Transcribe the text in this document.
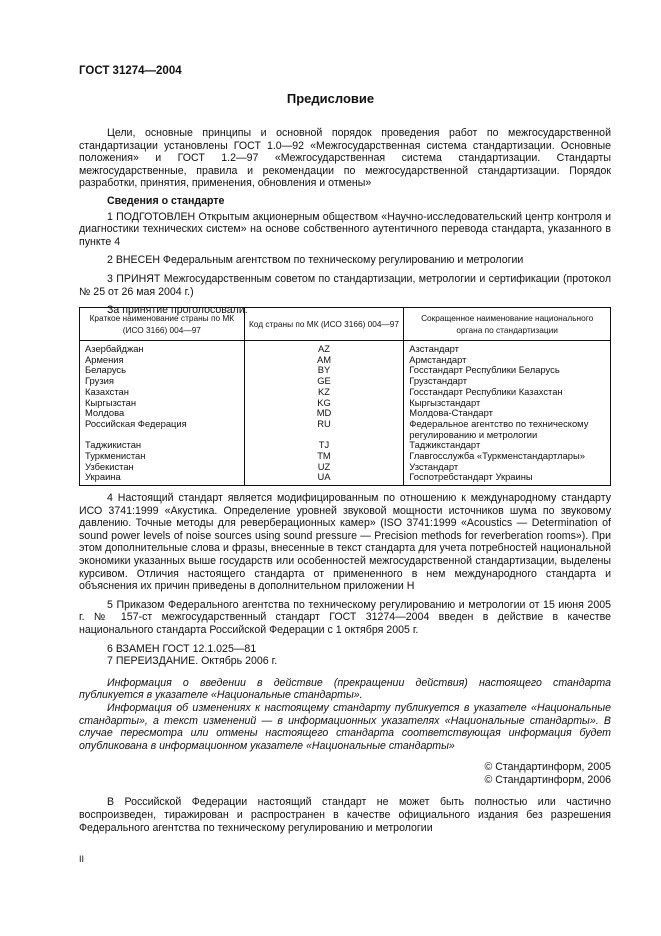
ГОСТ 31274—2004
Предисловие

Цели, основные принципы и основной порядок проведения работ по межгосударственной стандартизации установлены ГОСТ 1.0—92 «Межгосударственная система стандартизации. Основные положения» и ГОСТ 1.2—97 «Межгосударственная система стандартизации. Стандарты межгосударственные, правила и рекомендации по межгосударственной стандартизации. Порядок разработки, принятия, применения, обновления и отмены»

Сведения о стандарте

1 ПОДГОТОВЛЕН Открытым акционерным обществом «Научно-исследовательский центр контроля и диагностики технических систем» на основе собственного аутентичного перевода стандарта, указанного в пункте 4

2 ВНЕСЕН Федеральным агентством по техническому регулированию и метрологии

3 ПРИНЯТ Межгосударственным советом по стандартизации, метрологии и сертификации (протокол № 25 от 26 мая 2004 г.)

За принятие проголосовали:

Краткое наименование страны по МК (ИСО 3166) 004—97	Код страны по МК (ИСО 3166) 004—97	Сокращенное наименование национального органа по стандартизации
Азербайджан	AZ	Азстандарт
Армения	AM	Армстандарт
Беларусь	BY	Госстандарт Республики Беларусь
Грузия	GE	Грузстандарт
Казахстан	KZ	Госстандарт Республики Казахстан
Кыргызстан	KG	Кыргызстандарт
Молдова	MD	Молдова-Стандарт
Российская Федерация	RU	Федеральное агентство по техническому регулированию и метрологии
Таджикистан	TJ	Таджикстандарт
Туркменистан	TM	Главгосслужба «Туркменстандартлары»
Узбекистан	UZ	Узстандарт
Украина	UA	Госпотребстандарт Украины

4 Настоящий стандарт является модифицированным по отношению к международному стандарту ИСО 3741:1999 «Акустика. Определение уровней звуковой мощности источников шума по звуковому давлению. Точные методы для реверберационных камер» (ISO 3741:1999 «Acoustics — Determination of sound power levels of noise sources using sound pressure — Precision methods for reverberation rooms»). При этом дополнительные слова и фразы, внесенные в текст стандарта для учета потребностей национальной экономики указанных выше государств или особенностей межгосударственной стандартизации, выделены курсивом. Отличия настоящего стандарта от примененного в нем международного стандарта и объяснения их причин приведены в дополнительном приложении Н

5 Приказом Федерального агентства по техническому регулированию и метрологии от 15 июня 2005 г. № 157-ст межгосударственный стандарт ГОСТ 31274—2004 введен в действие в качестве национального стандарта Российской Федерации с 1 октября 2005 г.

6 ВЗАМЕН ГОСТ 12.1.025—81

7 ПЕРЕИЗДАНИЕ. Октябрь 2006 г.

Информация о введении в действие (прекращении действия) настоящего стандарта публикуется в указателе «Национальные стандарты».

Информация об изменениях к настоящему стандарту публикуется в указателе «Национальные стандарты», а текст изменений — в информационных указателях «Национальные стандарты». В случае пересмотра или отмены настоящего стандарта соответствующая информация будет опубликована в информационном указателе «Национальные стандарты»

© Стандартинформ, 2005

© Стандартинформ, 2006

В Российской Федерации настоящий стандарт не может быть полностью или частично воспроизведен, тиражирован и распространен в качестве официального издания без разрешения Федерального агентства по техническому регулированию и метрологии

II
